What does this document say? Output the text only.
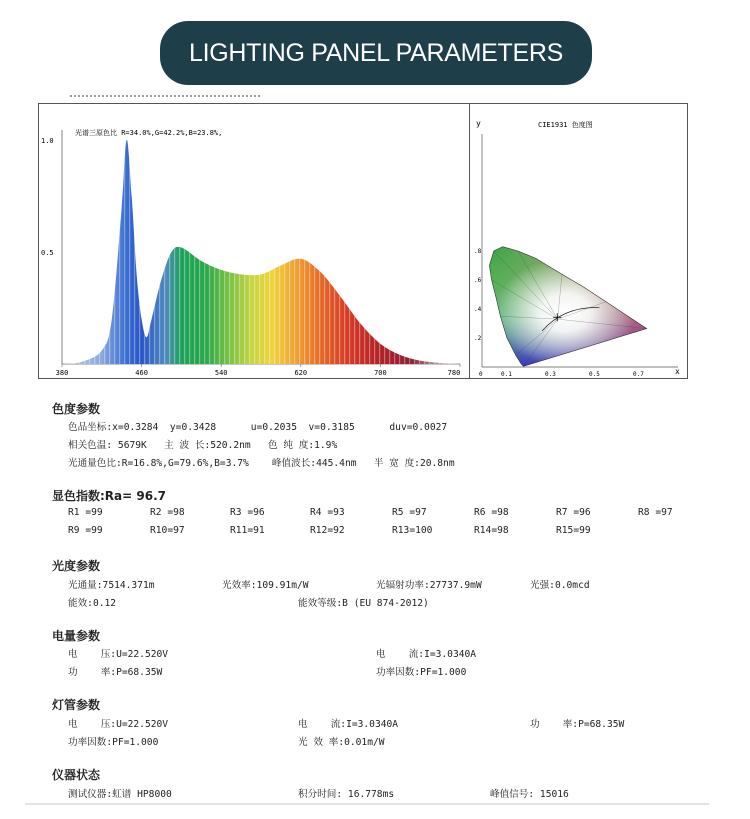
LIGHTING PANEL PARAMETERS
光谱三原色比 R=34.0%,G=42.2%,B=23.8%,
1.0
0.5
380	460	540	620	700	780
y	CIE1931 色度图
.8
.6
.4
.2
0	0.1	0.3	0.5	0.7	x
色度参数
色品坐标:x=0.3284  y=0.3428      u=0.2035  v=0.3185      duv=0.0027
相关色温: 5679K   主 波 长:520.2nm   色 纯 度:1.9%
光通量色比:R=16.8%,G=79.6%,B=3.7%    峰值波长:445.4nm   半 宽 度:20.8nm
显色指数:Ra= 96.7
R1 =99	R2 =98	R3 =96	R4 =93	R5 =97	R6 =98	R7 =96	R8 =97
R9 =99	R10=97	R11=91	R12=92	R13=100	R14=98	R15=99
光度参数
光通量:7514.371m	光效率:109.91m/W	光辐射功率:27737.9mW	光强:0.0mcd
能效:0.12	能效等级:B (EU 874-2012)
电量参数
电    压:U=22.520V	电    流:I=3.0340A
功    率:P=68.35W	功率因数:PF=1.000
灯管参数
电    压:U=22.520V	电    流:I=3.0340A	功    率:P=68.35W
功率因数:PF=1.000	光 效 率:0.01m/W
仪器状态
测试仪器:虹谱 HP8000	积分时间: 16.778ms	峰值信号: 15016
